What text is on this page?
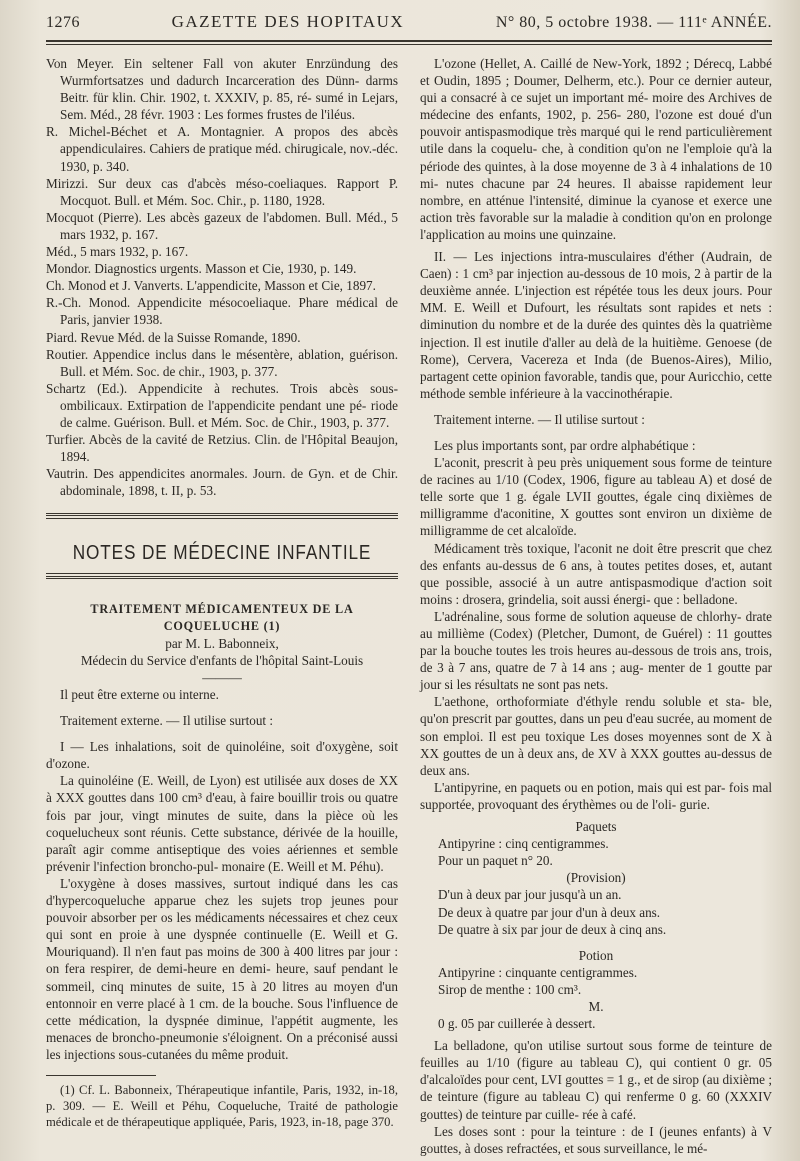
1276	GAZETTE DES HOPITAUX	N° 80, 5 octobre 1938. — 111ᵉ ANNÉE.

Von Meyer. Ein seltener Fall von akuter Enrzündung des Wurmfortsatzes und dadurch Incarceration des Dünn- darms Beitr. für klin. Chir. 1902, t. XXXIV, p. 85, ré- sumé in Lejars, Sem. Méd., 28 févr. 1903 : Les formes frustes de l'iléus.

R. Michel-Béchet et A. Montagnier. A propos des abcès appendiculaires. Cahiers de pratique méd. chirugicale, nov.-déc. 1930, p. 340.

Mirizzi. Sur deux cas d'abcès méso-coeliaques. Rapport P. Mocquot. Bull. et Mém. Soc. Chir., p. 1180, 1928.

Mocquot (Pierre). Les abcès gazeux de l'abdomen. Bull. Méd., 5 mars 1932, p. 167.

Méd., 5 mars 1932, p. 167.

Mondor. Diagnostics urgents. Masson et Cie, 1930, p. 149.

Ch. Monod et J. Vanverts. L'appendicite, Masson et Cie, 1897.

R.-Ch. Monod. Appendicite mésocoeliaque. Phare médical de Paris, janvier 1938.

Piard. Revue Méd. de la Suisse Romande, 1890.

Routier. Appendice inclus dans le mésentère, ablation, guérison. Bull. et Mém. Soc. de chir., 1903, p. 377.

Schartz (Ed.). Appendicite à rechutes. Trois abcès sous- ombilicaux. Extirpation de l'appendicite pendant une pé- riode de calme. Guérison. Bull. et Mém. Soc. de Chir., 1903, p. 377.

Turfier. Abcès de la cavité de Retzius. Clin. de l'Hôpital Beaujon, 1894.

Vautrin. Des appendicites anormales. Journ. de Gyn. et de Chir. abdominale, 1898, t. II, p. 53.

NOTES DE MÉDECINE INFANTILE

TRAITEMENT MÉDICAMENTEUX DE LA COQUELUCHE (1)

par M. L. Babonneix,

Médecin du Service d'enfants de l'hôpital Saint-Louis

———

Il peut être externe ou interne.

Traitement externe. — Il utilise surtout :

I — Les inhalations, soit de quinoléine, soit d'oxygène, soit d'ozone.

La quinoléine (E. Weill, de Lyon) est utilisée aux doses de XX à XXX gouttes dans 100 cm³ d'eau, à faire bouillir trois ou quatre fois par jour, vingt minutes de suite, dans la pièce où les coquelucheux sont réunis. Cette substance, dérivée de la houille, paraît agir comme antiseptique des voies aériennes et semble prévenir l'infection broncho-pul- monaire (E. Weill et M. Péhu).

L'oxygène à doses massives, surtout indiqué dans les cas d'hypercoqueluche apparue chez les sujets trop jeunes pour pouvoir absorber per os les médicaments nécessaires et chez ceux qui sont en proie à une dyspnée continuelle (E. Weill et G. Mouriquand). Il n'en faut pas moins de 300 à 400 litres par jour : on fera respirer, de demi-heure en demi- heure, sauf pendant le sommeil, cinq minutes de suite, 15 à 20 litres au moyen d'un entonnoir en verre placé à 1 cm. de la bouche. Sous l'influence de cette médication, la dyspnée diminue, l'appétit augmente, les menaces de broncho-pneumonie s'éloignent. On a préconisé aussi les injections sous-cutanées du même produit.

(1) Cf. L. Babonneix, Thérapeutique infantile, Paris, 1932, in-18, p. 309. — E. Weill et Péhu, Coqueluche, Traité de pathologie médicale et de thérapeutique appliquée, Paris, 1923, in-18, page 370.

L'ozone (Hellet, A. Caillé de New-York, 1892 ; Dérecq, Labbé et Oudin, 1895 ; Doumer, Delherm, etc.). Pour ce dernier auteur, qui a consacré à ce sujet un important mé- moire des Archives de médecine des enfants, 1902, p. 256- 280, l'ozone est doué d'un pouvoir antispasmodique très marqué qui le rend particulièrement utile dans la coquelu- che, à condition qu'on ne l'emploie qu'à la période des quintes, à la dose moyenne de 3 à 4 inhalations de 10 mi- nutes chacune par 24 heures. Il abaisse rapidement leur nombre, en atténue l'intensité, diminue la cyanose et exerce une action très favorable sur la maladie à condition qu'on en prolonge l'application au moins une quinzaine.

II. — Les injections intra-musculaires d'éther (Audrain, de Caen) : 1 cm³ par injection au-dessous de 10 mois, 2 à partir de la deuxième année. L'injection est répétée tous les deux jours. Pour MM. E. Weill et Dufourt, les résultats sont rapides et nets : diminution du nombre et de la durée des quintes dès la quatrième injection. Il est inutile d'aller au delà de la huitième. Genoese (de Rome), Cervera, Vacereza et Inda (de Buenos-Aires), Milio, partagent cette opinion favorable, tandis que, pour Auricchio, cette méthode semble inférieure à la vaccinothérapie.

Traitement interne. — Il utilise surtout :

Les plus importants sont, par ordre alphabétique :

L'aconit, prescrit à peu près uniquement sous forme de teinture de racines au 1/10 (Codex, 1906, figure au tableau A) et dosé de telle sorte que 1 g. égale LVII gouttes, égale cinq dixièmes de milligramme d'aconitine, X gouttes sont environ un dixième de milligramme de cet alcaloïde.

Médicament très toxique, l'aconit ne doit être prescrit que chez des enfants au-dessus de 6 ans, à toutes petites doses, et, autant que possible, associé à un autre antispasmodique d'action soit moins : drosera, grindelia, soit aussi énergi- que : belladone.

L'adrénaline, sous forme de solution aqueuse de chlorhy- drate au millième (Codex) (Pletcher, Dumont, de Guérel) : 11 gouttes par la bouche toutes les trois heures au-dessous de trois ans, trois, de 3 à 7 ans, quatre de 7 à 14 ans ; aug- menter de 1 goutte par jour si les résultats ne sont pas nets.

L'aethone, orthoformiate d'éthyle rendu soluble et sta- ble, qu'on prescrit par gouttes, dans un peu d'eau sucrée, au moment de son emploi. Il est peu toxique Les doses moyennes sont de X à XX gouttes de un à deux ans, de XV à XXX gouttes au-dessus de deux ans.

L'antipyrine, en paquets ou en potion, mais qui est par- fois mal supportée, provoquant des érythèmes ou de l'oli- gurie.

Paquets

Antipyrine : cinq centigrammes.

Pour un paquet n° 20.

(Provision)

D'un à deux par jour jusqu'à un an.

De deux à quatre par jour d'un à deux ans.

De quatre à six par jour de deux à cinq ans.

Potion

Antipyrine : cinquante centigrammes.

Sirop de menthe : 100 cm³.

M.

0 g. 05 par cuillerée à dessert.

La belladone, qu'on utilise surtout sous forme de teinture de feuilles au 1/10 (figure au tableau C), qui contient 0 gr. 05 d'alcaloïdes pour cent, LVI gouttes = 1 g., et de sirop (au dixième ; de teinture (figure au tableau C) qui renferme 0 g. 60 (XXXIV gouttes) de teinture par cuille- rée à café.

Les doses sont : pour la teinture : de I (jeunes enfants) à V gouttes, à doses refractées, et sous surveillance, le mé-
